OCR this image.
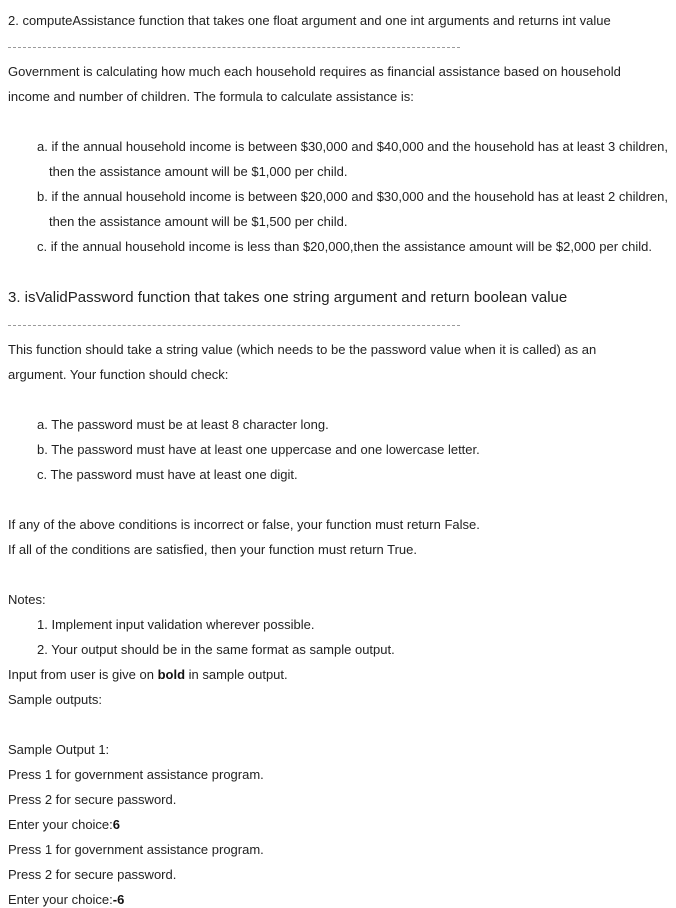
2. computeAssistance function that takes one float argument and one int arguments and returns int value
Government is calculating how much each household requires as financial assistance based on household
income and number of children. The formula to calculate assistance is:
a. if the annual household income is between $30,000 and $40,000 and the household has at least 3 children,
then the assistance amount will be $1,000 per child.
b. if the annual household income is between $20,000 and $30,000 and the household has at least 2 children,
then the assistance amount will be $1,500 per child.
c. if the annual household income is less than $20,000,then the assistance amount will be $2,000 per child.
3. isValidPassword function that takes one string argument and return boolean value
This function should take a string value (which needs to be the password value when it is called) as an
argument. Your function should check:
a. The password must be at least 8 character long.
b. The password must have at least one uppercase and one lowercase letter.
c. The password must have at least one digit.
If any of the above conditions is incorrect or false, your function must return False.
If all of the conditions are satisfied, then your function must return True.
Notes:
1. Implement input validation wherever possible.
2. Your output should be in the same format as sample output.
Input from user is give on bold in sample output.
Sample outputs:
Sample Output 1:
Press 1 for government assistance program.
Press 2 for secure password.
Enter your choice:6
Press 1 for government assistance program.
Press 2 for secure password.
Enter your choice:-6
